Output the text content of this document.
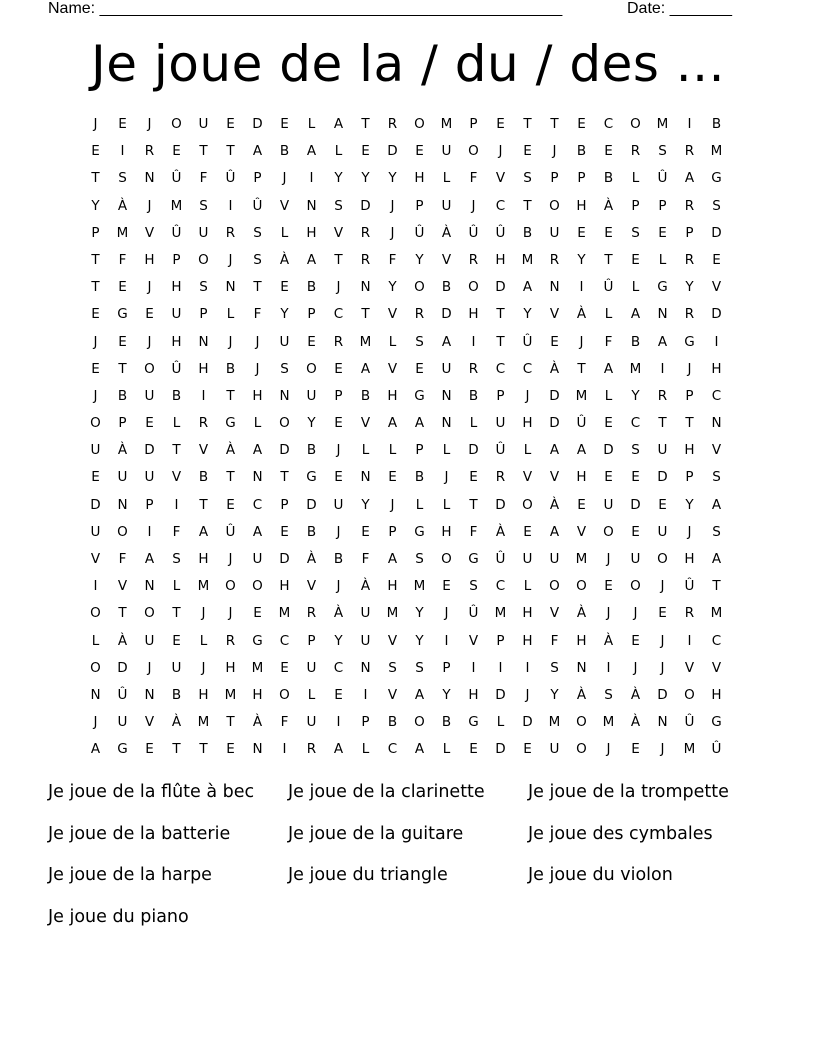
Name: ____________________________________________________	Date: _______
Je joue de la / du / des ...
J	E	J	O	U	E	D	E	L	A	T	R	O	M	P	E	T	T	E	C	O	M	I	B
E	I	R	E	T	T	A	B	A	L	E	D	E	U	O	J	E	J	B	E	R	S	R	M
T	S	N	Û	F	Û	P	J	I	Y	Y	Y	H	L	F	V	S	P	P	B	L	Û	A	G
Y	À	J	M	S	I	Û	V	N	S	D	J	P	U	J	C	T	O	H	À	P	P	R	S
P	M	V	Û	U	R	S	L	H	V	R	J	Û	À	Û	Û	B	U	E	E	S	E	P	D
T	F	H	P	O	J	S	À	A	T	R	F	Y	V	R	H	M	R	Y	T	E	L	R	E
T	E	J	H	S	N	T	E	B	J	N	Y	O	B	O	D	A	N	I	Û	L	G	Y	V
E	G	E	U	P	L	F	Y	P	C	T	V	R	D	H	T	Y	V	À	L	A	N	R	D
J	E	J	H	N	J	J	U	E	R	M	L	S	A	I	T	Û	E	J	F	B	A	G	I
E	T	O	Û	H	B	J	S	O	E	A	V	E	U	R	C	C	À	T	A	M	I	J	H
J	B	U	B	I	T	H	N	U	P	B	H	G	N	B	P	J	D	M	L	Y	R	P	C
O	P	E	L	R	G	L	O	Y	E	V	A	A	N	L	U	H	D	Û	E	C	T	T	N
U	À	D	T	V	À	A	D	B	J	L	L	P	L	D	Û	L	A	A	D	S	U	H	V
E	U	U	V	B	T	N	T	G	E	N	E	B	J	E	R	V	V	H	E	E	D	P	S
D	N	P	I	T	E	C	P	D	U	Y	J	L	L	T	D	O	À	E	U	D	E	Y	A
U	O	I	F	A	Û	A	E	B	J	E	P	G	H	F	À	E	A	V	O	E	U	J	S
V	F	A	S	H	J	U	D	À	B	F	A	S	O	G	Û	U	U	M	J	U	O	H	A
I	V	N	L	M	O	O	H	V	J	À	H	M	E	S	C	L	O	O	E	O	J	Û	T
O	T	O	T	J	J	E	M	R	À	U	M	Y	J	Û	M	H	V	À	J	J	E	R	M
L	À	U	E	L	R	G	C	P	Y	U	V	Y	I	V	P	H	F	H	À	E	J	I	C
O	D	J	U	J	H	M	E	U	C	N	S	S	P	I	I	I	S	N	I	J	J	V	V
N	Û	N	B	H	M	H	O	L	E	I	V	A	Y	H	D	J	Y	À	S	À	D	O	H
J	U	V	À	M	T	À	F	U	I	P	B	O	B	G	L	D	M	O	M	À	N	Û	G
A	G	E	T	T	E	N	I	R	A	L	C	A	L	E	D	E	U	O	J	E	J	M	Û
Je joue de la flûte à bec	Je joue de la clarinette	Je joue de la trompette
Je joue de la batterie	Je joue de la guitare	Je joue des cymbales
Je joue de la harpe	Je joue du triangle	Je joue du violon
Je joue du piano
